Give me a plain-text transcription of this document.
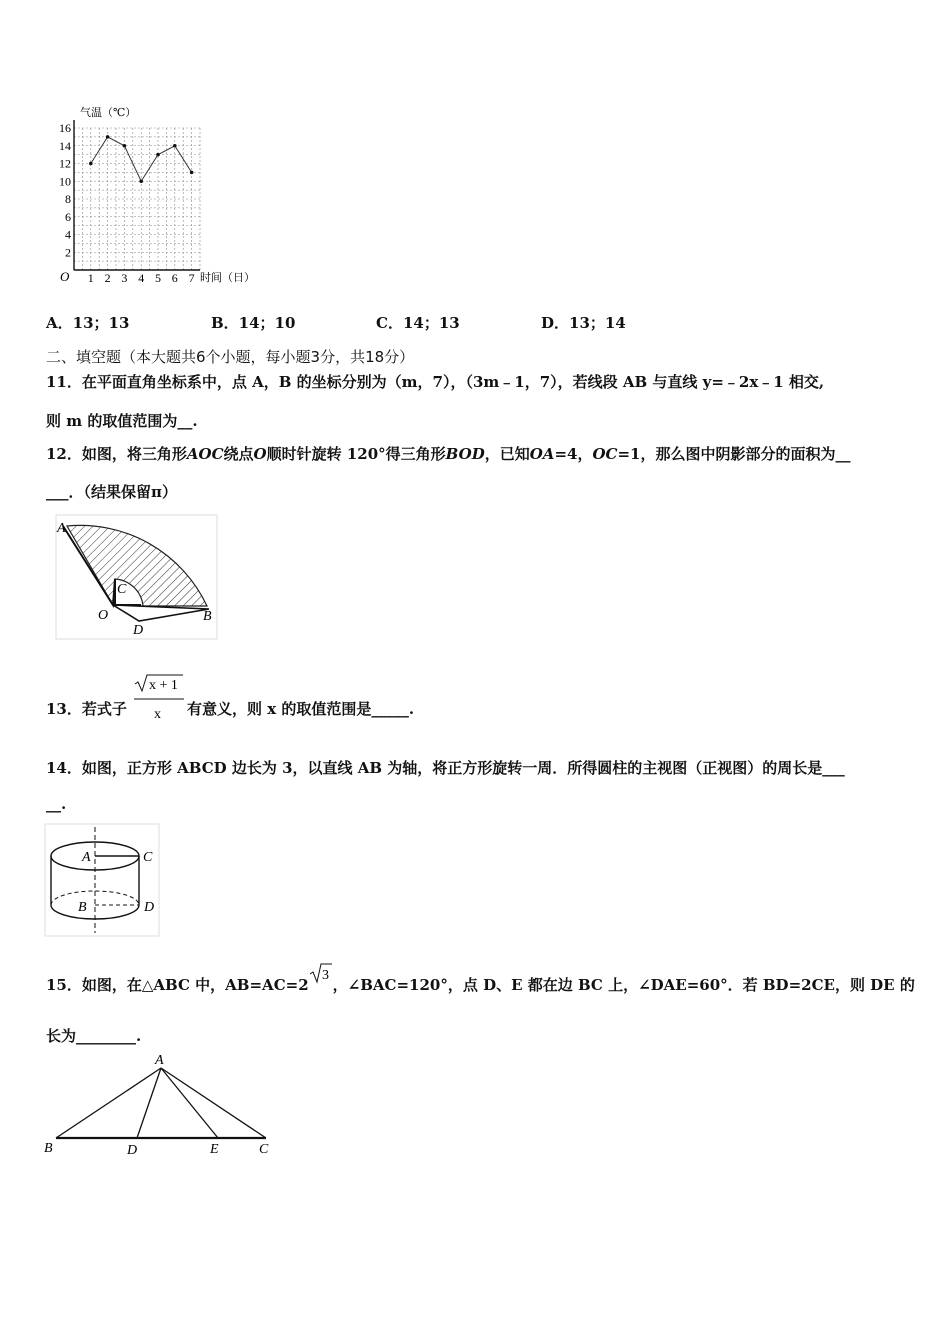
16
14
12
10
8
6
4
2
1 2 3 4 5 6 7
气温（℃）
时间（日）
O
A．13；13	B．14；10	C．14；13	D．13；14
二、填空题（本大题共6个小题，每小题3分，共18分）
11．在平面直角坐标系中，点 A，B 的坐标分别为（m，7），（3m﹣1，7），若线段 AB 与直线 y=﹣2x﹣1 相交,
则 m 的取值范围为__.
12．如图，将三角形AOC绕点O顺时针旋转 120°得三角形BOD，已知OA=4，OC=1，那么图中阴影部分的面积为__
___．（结果保留π）
A
C
O
D
B
13．若式子
x + 1
x 有意义，则 x 的取值范围是_____.
14．如图，正方形 ABCD 边长为 3，以直线 AB 为轴，将正方形旋转一周．所得圆柱的主视图（正视图）的周长是___
__.
A	C
B	D
15．如图，在△ABC 中，AB=AC=2
3
，∠BAC=120°，点 D、E 都在边 BC 上，∠DAE=60°．若 BD=2CE，则 DE 的
长为________.
A
B	D	E	C
